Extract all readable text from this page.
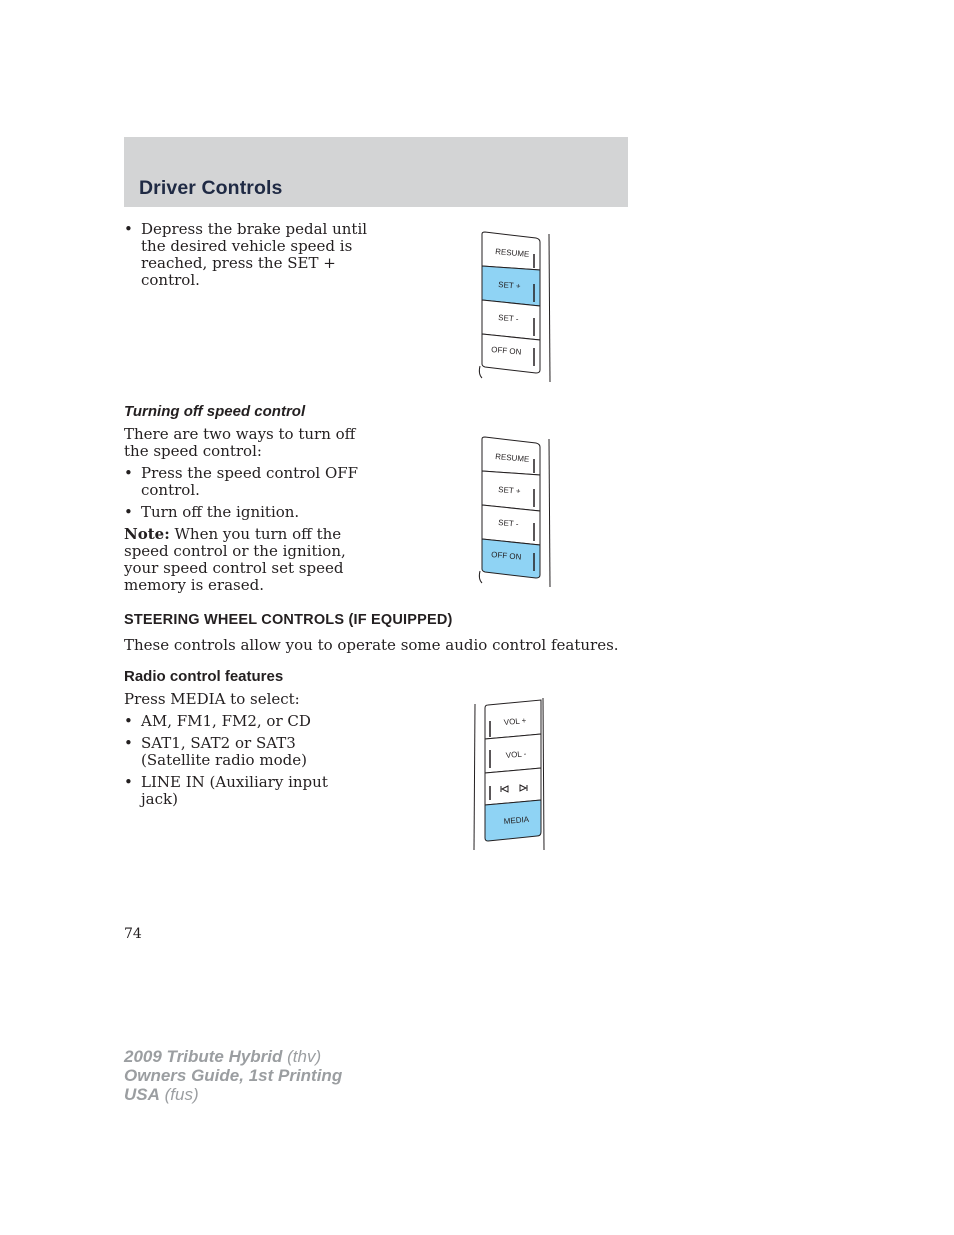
Driver Controls
• Depress the brake pedal until the desired vehicle speed is reached, press the SET + control.
RESUME
SET +
SET -
OFF ON
Turning off speed control

There are two ways to turn off the speed control:

• Press the speed control OFF control.
• Turn off the ignition.

Note: When you turn off the speed control or the ignition, your speed control set speed memory is erased.

RESUME
SET +
SET -
OFF ON
STEERING WHEEL CONTROLS (IF EQUIPPED)

These controls allow you to operate some audio control features.

Radio control features

Press MEDIA to select:

• AM, FM1, FM2, or CD
• SAT1, SAT2 or SAT3 (Satellite radio mode)
• LINE IN (Auxiliary input jack)
VOL +
VOL -
MEDIA

74

2009 Tribute Hybrid (thv)
Owners Guide, 1st Printing
USA (fus)
